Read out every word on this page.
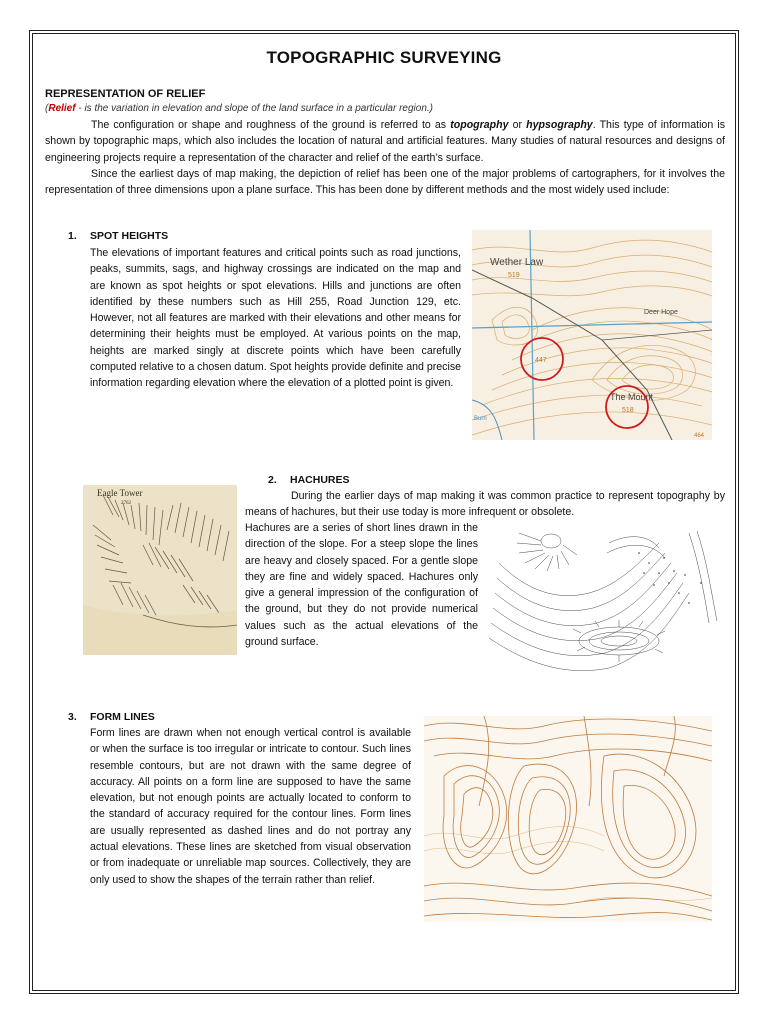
TOPOGRAPHIC SURVEYING
REPRESENTATION OF RELIEF
(Relief - is the variation in elevation and slope of the land surface in a particular region.)
The configuration or shape and roughness of the ground is referred to as topography or hypsography. This type of information is shown by topographic maps, which also includes the location of natural and artificial features. Many studies of natural resources and designs of engineering projects require a representation of the character and relief of the earth’s surface.
Since the earliest days of map making, the depiction of relief has been one of the major problems of cartographers, for it involves the representation of three dimensions upon a plane surface. This has been done by different methods and the most widely used include:
1. SPOT HEIGHTS
The elevations of important features and critical points such as road junctions, peaks, summits, sags, and highway crossings are indicated on the map and are known as spot heights or spot elevations. Hills and junctions are often identified by these numbers such as Hill 255, Road Junction 129, etc. However, not all features are marked with their elevations and other means for determining their heights must be employed. At various points on the map, heights are marked singly at discrete points which have been carefully computed relative to a chosen datum. Spot heights provide definite and precise information regarding elevation where the elevation of a plotted point is given.
Wether Law
519
Deer Hope
447
The Mount
518
Burn
464
Eagle Tower
2762
2. HACHURES
During the earlier days of map making it was common practice to represent topography by means of hachures, but their use today is more infrequent or obsolete.
Hachures are a series of short lines drawn in the direction of the slope. For a steep slope the lines are heavy and closely spaced. For a gentle slope they are fine and widely spaced. Hachures only give a general impression of the configuration of the ground, but they do not provide numerical values such as the actual elevations of the ground surface.
3. FORM LINES
Form lines are drawn when not enough vertical control is available or when the surface is too irregular or intricate to contour. Such lines resemble contours, but are not drawn with the same degree of accuracy. All points on a form line are supposed to have the same elevation, but not enough points are actually located to conform to the standard of accuracy required for the contour lines. Form lines are usually represented as dashed lines and do not portray any actual elevations. These lines are sketched from visual observation or from inadequate or unreliable map sources. Collectively, they are only used to show the shapes of the terrain rather than relief.
